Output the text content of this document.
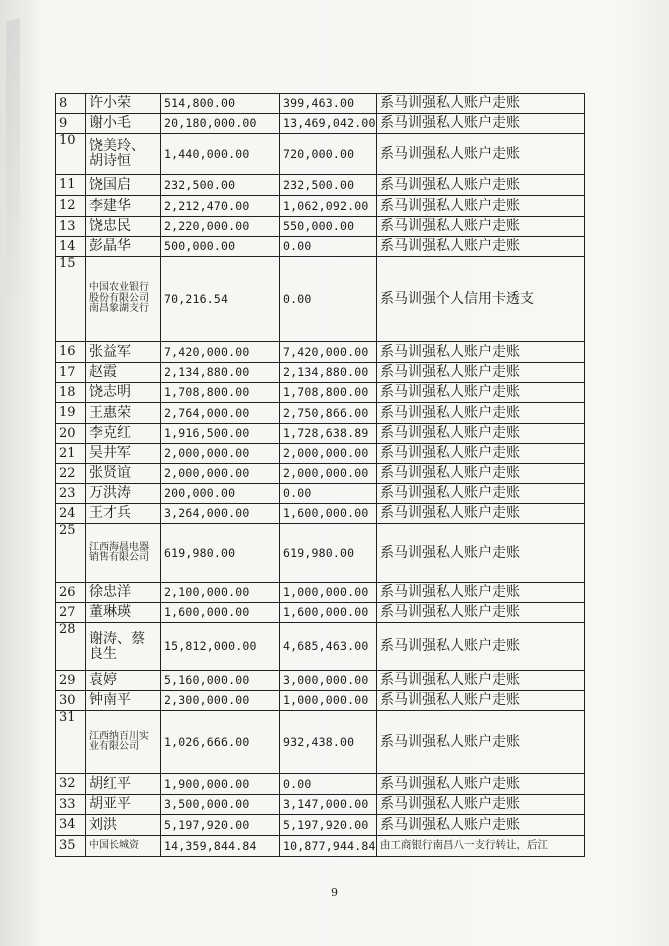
8	许小荣	514,800.00	399,463.00	系马训强私人账户走账
9	谢小毛	20,180,000.00	13,469,042.00	系马训强私人账户走账
10	饶美玲、胡诗恒	1,440,000.00	720,000.00	系马训强私人账户走账
11	饶国启	232,500.00	232,500.00	系马训强私人账户走账
12	李建华	2,212,470.00	1,062,092.00	系马训强私人账户走账
13	饶忠民	2,220,000.00	550,000.00	系马训强私人账户走账
14	彭晶华	500,000.00	0.00	系马训强私人账户走账
15	中国农业银行股份有限公司南昌象湖支行	70,216.54	0.00	系马训强个人信用卡透支
16	张益军	7,420,000.00	7,420,000.00	系马训强私人账户走账
17	赵霞	2,134,880.00	2,134,880.00	系马训强私人账户走账
18	饶志明	1,708,800.00	1,708,800.00	系马训强私人账户走账
19	王惠荣	2,764,000.00	2,750,866.00	系马训强私人账户走账
20	李克红	1,916,500.00	1,728,638.89	系马训强私人账户走账
21	吴井军	2,000,000.00	2,000,000.00	系马训强私人账户走账
22	张贤谊	2,000,000.00	2,000,000.00	系马训强私人账户走账
23	万洪涛	200,000.00	0.00	系马训强私人账户走账
24	王才兵	3,264,000.00	1,600,000.00	系马训强私人账户走账
25	江西海晨电器销售有限公司	619,980.00	619,980.00	系马训强私人账户走账
26	徐忠洋	2,100,000.00	1,000,000.00	系马训强私人账户走账
27	董琳瑛	1,600,000.00	1,600,000.00	系马训强私人账户走账
28	谢涛、蔡良生	15,812,000.00	4,685,463.00	系马训强私人账户走账
29	袁婷	5,160,000.00	3,000,000.00	系马训强私人账户走账
30	钟南平	2,300,000.00	1,000,000.00	系马训强私人账户走账
31	江西纳百川实业有限公司	1,026,666.00	932,438.00	系马训强私人账户走账
32	胡红平	1,900,000.00	0.00	系马训强私人账户走账
33	胡亚平	3,500,000.00	3,147,000.00	系马训强私人账户走账
34	刘洪	5,197,920.00	5,197,920.00	系马训强私人账户走账
35	中国长城资	14,359,844.84	10,877,944.84	由工商银行南昌八一支行转让，后江
9
